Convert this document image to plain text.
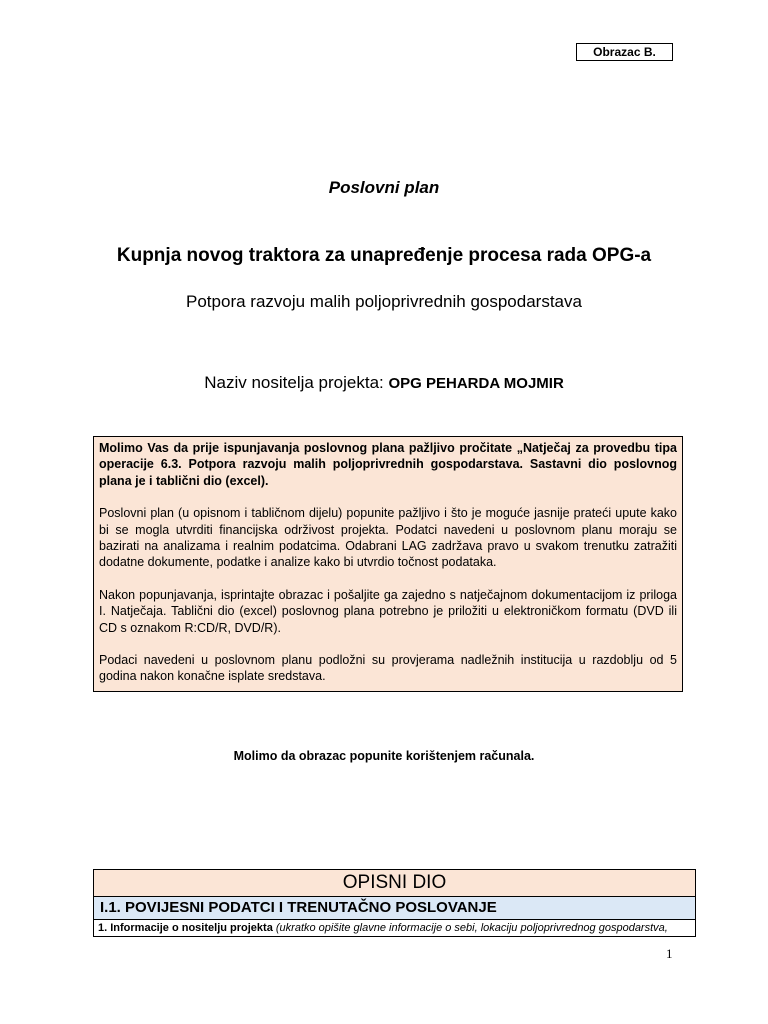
Obrazac B.
Poslovni plan
Kupnja novog traktora za unapređenje procesa rada OPG-a
Potpora razvoju malih poljoprivrednih gospodarstava
Naziv nositelja projekta: OPG PEHARDA MOJMIR

Molimo Vas da prije ispunjavanja poslovnog plana pažljivo pročitate „Natječaj za provedbu tipa operacije 6.3. Potpora razvoju malih poljoprivrednih gospodarstava. Sastavni dio poslovnog plana je i tablični dio (excel).

Poslovni plan (u opisnom i tabličnom dijelu) popunite pažljivo i što je moguće jasnije prateći upute kako bi se mogla utvrditi financijska održivost projekta. Podatci navedeni u poslovnom planu moraju se bazirati na analizama i realnim podatcima. Odabrani LAG zadržava pravo u svakom trenutku zatražiti dodatne dokumente, podatke i analize kako bi utvrdio točnost podataka.

Nakon popunjavanja, isprintajte obrazac i pošaljite ga zajedno s natječajnom dokumentacijom iz priloga I. Natječaja. Tablični dio (excel) poslovnog plana potrebno je priložiti u elektroničkom formatu (DVD ili CD s oznakom R:CD/R, DVD/R).

Podaci navedeni u poslovnom planu podložni su provjerama nadležnih institucija u razdoblju od 5 godina nakon konačne isplate sredstava.

Molimo da obrazac popunite korištenjem računala.
OPISNI DIO
I.1. POVIJESNI PODATCI I TRENUTAČNO POSLOVANJE
1. Informacije o nositelju projekta (ukratko opišite glavne informacije o sebi, lokaciju poljoprivrednog gospodarstva,
1
